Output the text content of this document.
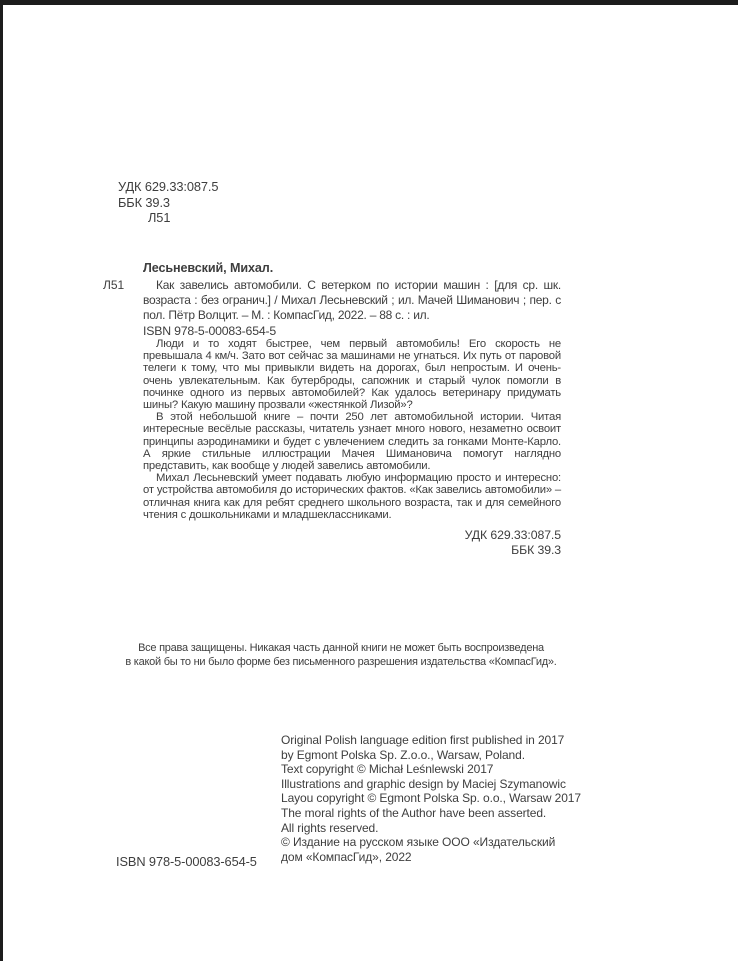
УДК 629.33:087.5
ББК 39.3
Л51
Лесьневский, Михал.
Л51	Как завелись автомобили. С ветерком по истории машин : [для ср. шк. возраста : без огранич.] / Михал Лесьневский ; ил. Мачей Шиманович ; пер. с пол. Пётр Волцит. – М. : КомпасГид, 2022. – 88 с. : ил.

ISBN 978-5-00083-654-5

Люди и то ходят быстрее, чем первый автомобиль! Его скорость не превышала 4 км/ч. Зато вот сейчас за машинами не угнаться. Их путь от паровой телеги к тому, что мы привыкли видеть на дорогах, был непростым. И очень-очень увлекательным. Как бутерброды, сапожник и старый чулок помогли в починке одного из первых автомобилей? Как удалось ветеринару придумать шины? Какую машину прозвали «жестянкой Лизой»?

В этой небольшой книге – почти 250 лет автомобильной истории. Читая интересные весёлые рассказы, читатель узнает много нового, незаметно освоит принципы аэродинамики и будет с увлечением следить за гонками Монте-Карло. А яркие стильные иллюстрации Мачея Шимановича помогут наглядно представить, как вообще у людей завелись автомобили.

Михал Лесьневский умеет подавать любую информацию просто и интересно: от устройства автомобиля до исторических фактов. «Как завелись автомобили» – отличная книга как для ребят среднего школьного возраста, так и для семейного чтения с дошкольниками и младшеклассниками.

УДК 629.33:087.5
ББК 39.3
Все права защищены. Никакая часть данной книги не может быть воспроизведена
в какой бы то ни было форме без письменного разрешения издательства «КомпасГид».
Original Polish language edition first published in 2017
by Egmont Polska Sp. Z.o.o., Warsaw, Poland.
Text copyright © Michał Leśnlewski 2017
Illustrations and graphic design by Maciej Szymanowic
Layou copyright © Egmont Polska Sp. o.o., Warsaw 2017
The moral rights of the Author have been asserted.
All rights reserved.
© Издание на русском языке ООО «Издательский
дом «КомпасГид», 2022
ISBN 978-5-00083-654-5
